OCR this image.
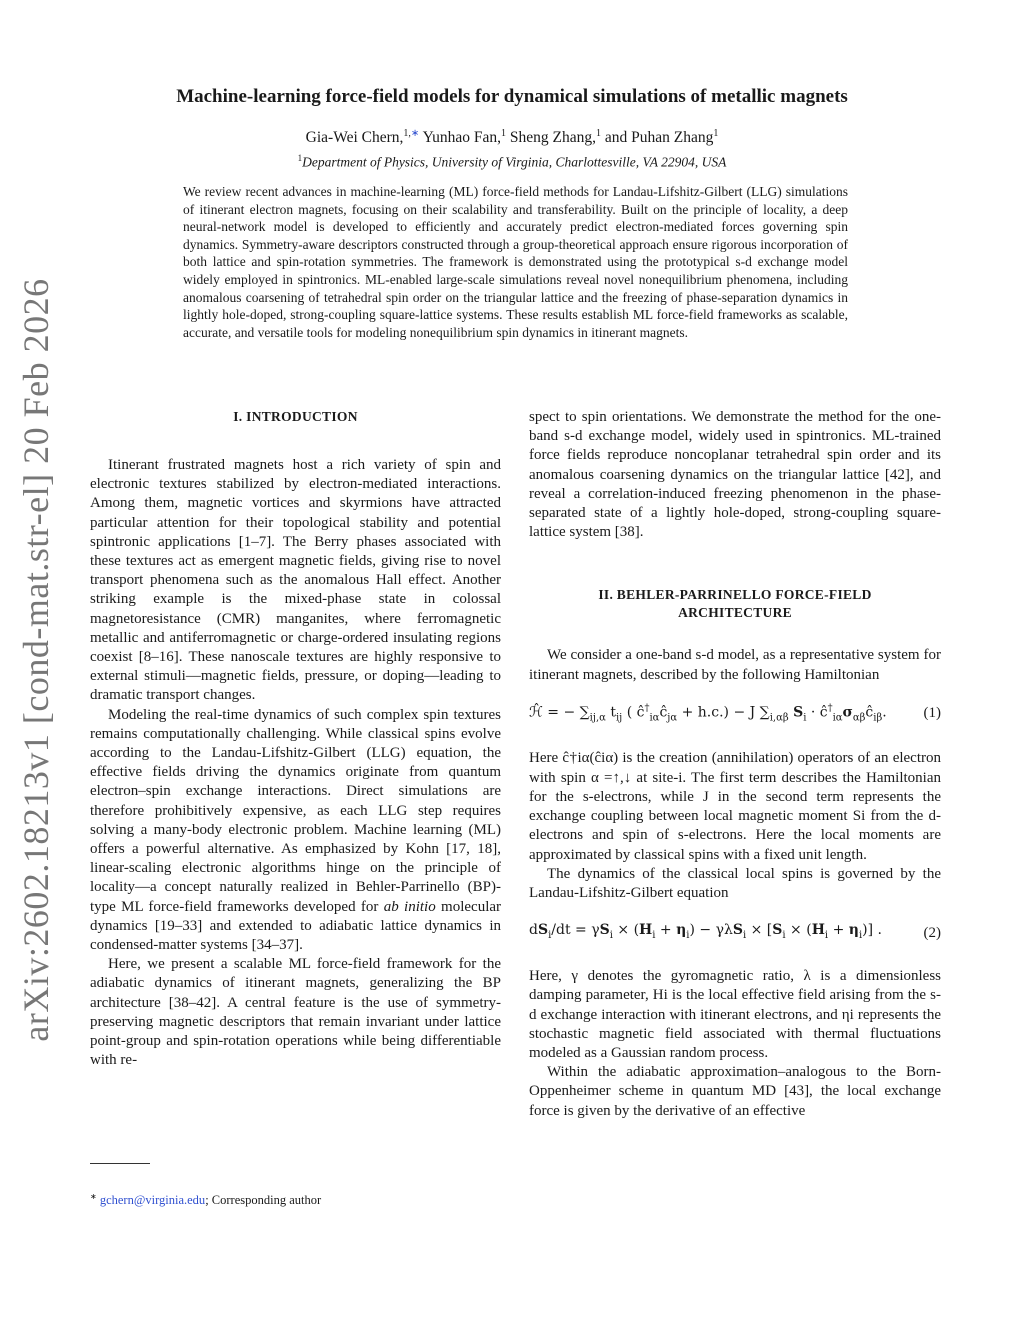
arXiv:2602.18213v1 [cond-mat.str-el] 20 Feb 2026
Machine-learning force-field models for dynamical simulations of metallic magnets
Gia-Wei Chern,$^{1,∗}$ Yunhao Fan,$^1$ Sheng Zhang,$^1$ and Puhan Zhang$^1$
$^1$Department of Physics, University of Virginia, Charlottesville, VA 22904, USA
We review recent advances in machine-learning (ML) force-field methods for Landau-Lifshitz-Gilbert (LLG) simulations of itinerant electron magnets, focusing on their scalability and transferability. Built on the principle of locality, a deep neural-network model is developed to efficiently and accurately predict electron-mediated forces governing spin dynamics. Symmetry-aware descriptors constructed through a group-theoretical approach ensure rigorous incorporation of both lattice and spin-rotation symmetries. The framework is demonstrated using the prototypical s-d exchange model widely employed in spintronics. ML-enabled large-scale simulations reveal novel nonequilibrium phenomena, including anomalous coarsening of tetrahedral spin order on the triangular lattice and the freezing of phase-separation dynamics in lightly hole-doped, strong-coupling square-lattice systems. These results establish ML force-field frameworks as scalable, accurate, and versatile tools for modeling nonequilibrium spin dynamics in itinerant magnets.
I. INTRODUCTION

Itinerant frustrated magnets host a rich variety of spin and electronic textures stabilized by electron-mediated interactions. Among them, magnetic vortices and skyrmions have attracted particular attention for their topological stability and potential spintronic applications [1–7]. The Berry phases associated with these textures act as emergent magnetic fields, giving rise to novel transport phenomena such as the anomalous Hall effect. Another striking example is the mixed-phase state in colossal magnetoresistance (CMR) manganites, where ferromagnetic metallic and antiferromagnetic or charge-ordered insulating regions coexist [8–16]. These nanoscale textures are highly responsive to external stimuli—magnetic fields, pressure, or doping—leading to dramatic transport changes.

Modeling the real-time dynamics of such complex spin textures remains computationally challenging. While classical spins evolve according to the Landau-Lifshitz-Gilbert (LLG) equation, the effective fields driving the dynamics originate from quantum electron–spin exchange interactions. Direct simulations are therefore prohibitively expensive, as each LLG step requires solving a many-body electronic problem. Machine learning (ML) offers a powerful alternative. As emphasized by Kohn [17, 18], linear-scaling electronic algorithms hinge on the principle of locality—a concept naturally realized in Behler-Parrinello (BP)-type ML force-field frameworks developed for ab initio molecular dynamics [19–33] and extended to adiabatic lattice dynamics in condensed-matter systems [34–37].

Here, we present a scalable ML force-field framework for the adiabatic dynamics of itinerant magnets, generalizing the BP architecture [38–42]. A central feature is the use of symmetry-preserving magnetic descriptors that remain invariant under lattice point-group and spin-rotation operations while being differentiable with re-

∗ gchern@virginia.edu; Corresponding author

spect to spin orientations. We demonstrate the method for the one-band s-d exchange model, widely used in spintronics. ML-trained force fields reproduce noncoplanar tetrahedral spin order and its anomalous coarsening dynamics on the triangular lattice [42], and reveal a correlation-induced freezing phenomenon in the phase-separated state of a lightly hole-doped, strong-coupling square-lattice system [38].

II. BEHLER-PARRINELLO FORCE-FIELD
ARCHITECTURE

We consider a one-band s-d model, as a representative system for itinerant magnets, described by the following Hamiltonian

ℋ̂ = − $\sum_{ij,\alpha}$ $t_{ij}$ ( $ĉ^\dagger_{i\alpha}ĉ_{j\alpha} + h.c.) - J$ $\sum_{i,\alpha\beta}$ $S_i$ · $ĉ^\dagger_{i\alpha}\sigma_{\alpha\beta}ĉ_{i\beta}$. (1)

Here ĉ†iα(ĉiα) is the creation (annihilation) operators of an electron with spin α =↑,↓ at site-i. The first term describes the Hamiltonian for the s-electrons, while J in the second term represents the exchange coupling between local magnetic moment Si from the d-electrons and spin of s-electrons. Here the local moments are approximated by classical spins with a fixed unit length.

The dynamics of the classical local spins is governed by the Landau-Lifshitz-Gilbert equation

$dS_i/dt = \gamma S_i \times (H_i + \eta_i) - \gamma\lambda S_i \times [S_i \times (H_i + \eta_i)]$ .	(2)

Here, γ denotes the gyromagnetic ratio, λ is a dimensionless damping parameter, Hi is the local effective field arising from the s-d exchange interaction with itinerant electrons, and ηi represents the stochastic magnetic field associated with thermal fluctuations modeled as a Gaussian random process.

Within the adiabatic approximation–analogous to the Born-Oppenheimer scheme in quantum MD [43], the local exchange force is given by the derivative of an effective
